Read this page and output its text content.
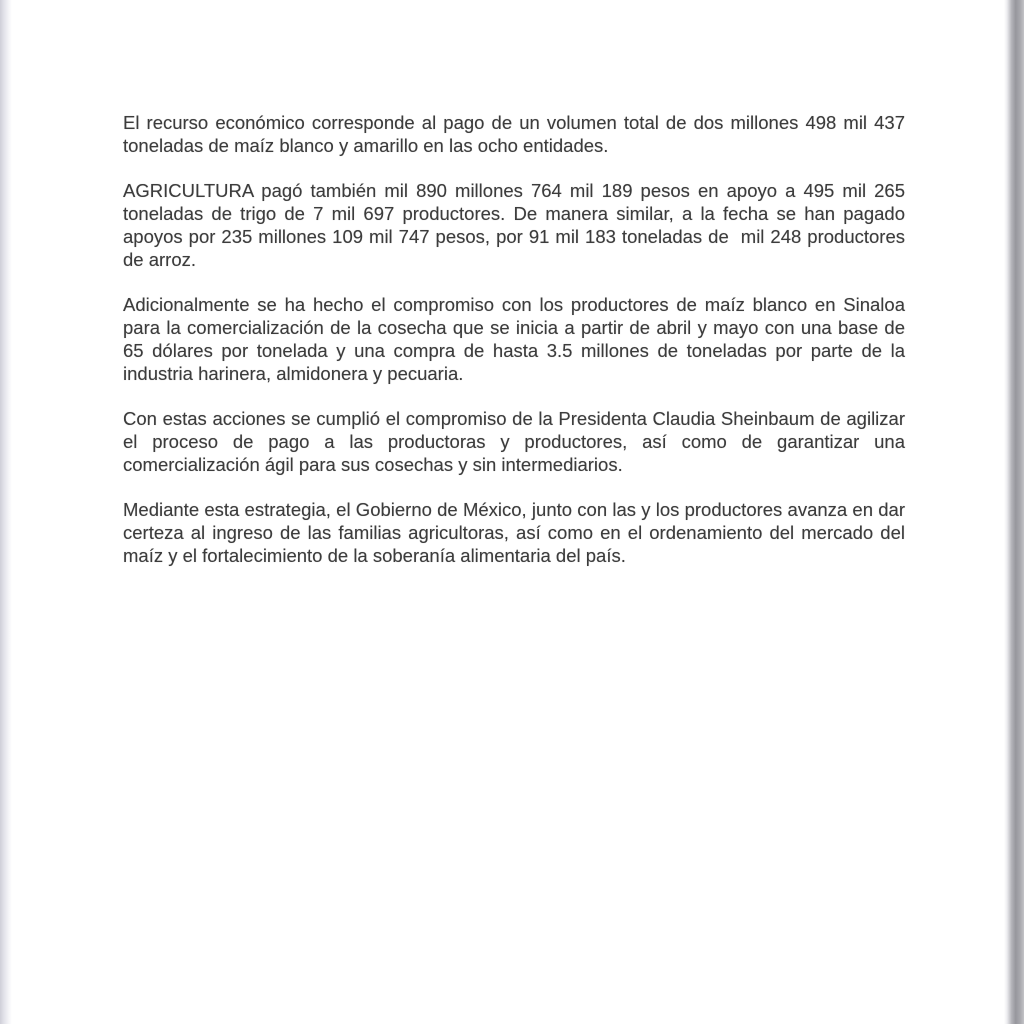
El recurso económico corresponde al pago de un volumen total de dos millones 498 mil 437 toneladas de maíz blanco y amarillo en las ocho entidades.

AGRICULTURA pagó también mil 890 millones 764 mil 189 pesos en apoyo a 495 mil 265 toneladas de trigo de 7 mil 697 productores. De manera similar, a la fecha se han pagado apoyos por 235 millones 109 mil 747 pesos, por 91 mil 183 toneladas de  mil 248 productores de arroz.

Adicionalmente se ha hecho el compromiso con los productores de maíz blanco en Sinaloa para la comercialización de la cosecha que se inicia a partir de abril y mayo con una base de 65 dólares por tonelada y una compra de hasta 3.5 millones de toneladas por parte de la industria harinera, almidonera y pecuaria.

Con estas acciones se cumplió el compromiso de la Presidenta Claudia Sheinbaum de agilizar el proceso de pago a las productoras y productores, así como de garantizar una comercialización ágil para sus cosechas y sin intermediarios.

Mediante esta estrategia, el Gobierno de México, junto con las y los productores avanza en dar certeza al ingreso de las familias agricultoras, así como en el ordenamiento del mercado del maíz y el fortalecimiento de la soberanía alimentaria del país.
